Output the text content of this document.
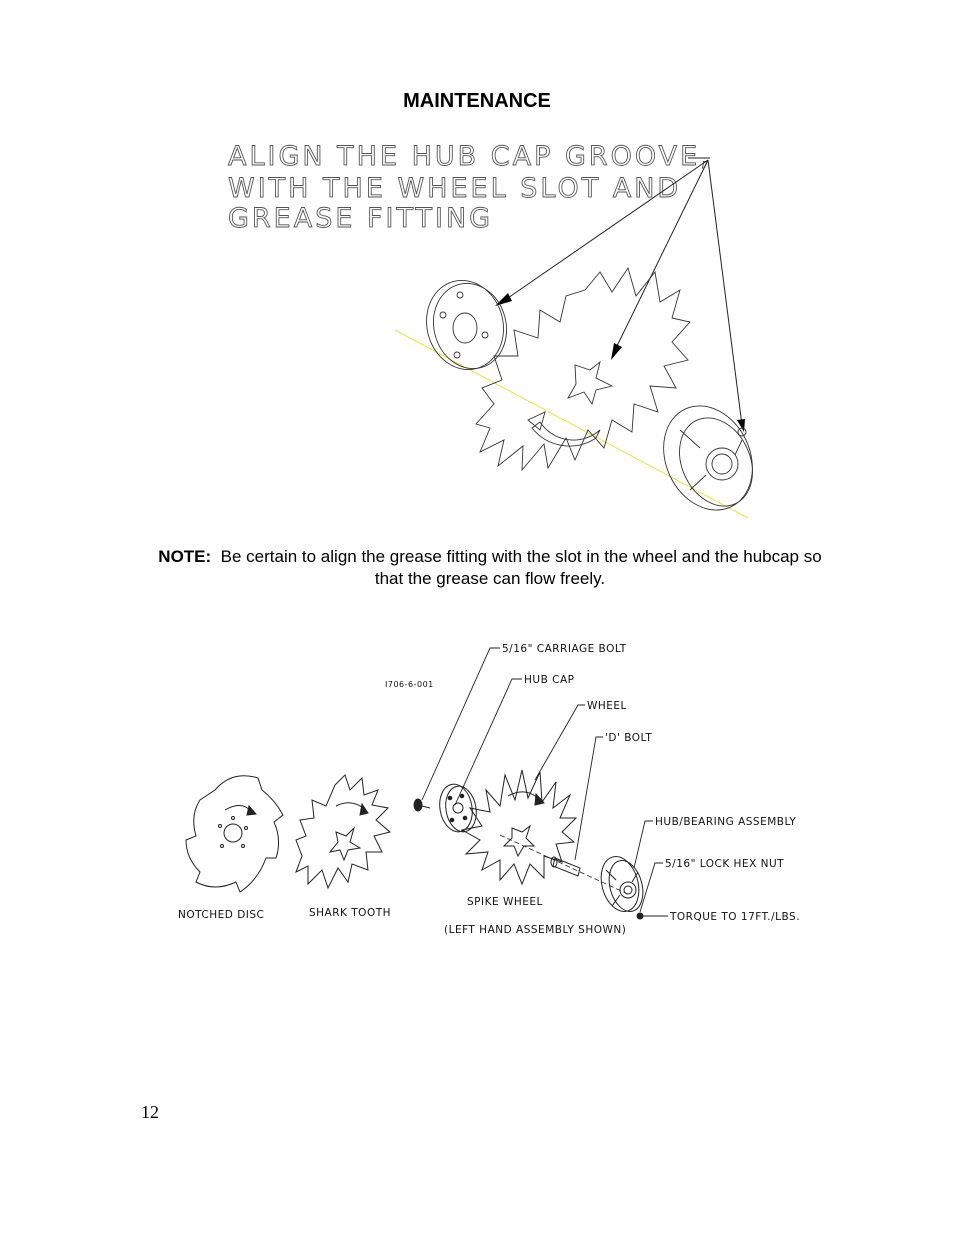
MAINTENANCE
ALIGN THE HUB CAP GROOVE,
WITH THE WHEEL SLOT AND
GREASE FITTING
NOTE: Be certain to align the grease fitting with the slot in the wheel and the hubcap so that the grease can flow freely.
I706-6-001
5/16" CARRIAGE BOLT
HUB CAP
WHEEL
'D' BOLT
HUB/BEARING ASSEMBLY
5/16" LOCK HEX NUT
TORQUE TO 17FT./LBS.
NOTCHED DISC	SHARK TOOTH
SPIKE WHEEL
(LEFT HAND ASSEMBLY SHOWN)
12
